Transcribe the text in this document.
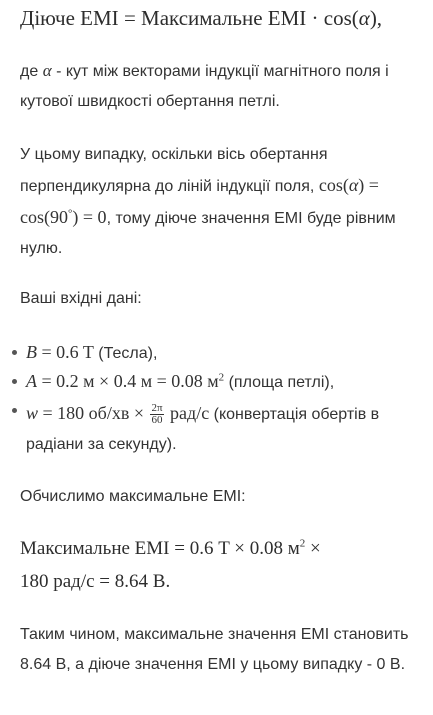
Діюче ЕМІ = Максимальне ЕМІ · cos(α),
де α - кут між векторами індукції магнітного поля і кутової швидкості обертання петлі.
У цьому випадку, оскільки вісь обертання перпендикулярна до ліній індукції поля, cos(α) = cos(90°) = 0, тому діюче значення ЕМІ буде рівним нулю.
Ваші вхідні дані:
B = 0.6 T (Тесла),
A = 0.2 м × 0.4 м = 0.08 $м^2$ (площа петлі),
w = 180 $об/хв \times \frac{2\pi}{60} рад/с$ (конвертація обертів в радіани за секунду).
Обчислимо максимальне ЕМІ:
Максимальне ЕМІ = 0.6 T × 0.08 $м^2$ ×
180 рад/с = 8.64 В.
Таким чином, максимальне значення ЕМІ становить 8.64 В, а діюче значення ЕМІ у цьому випадку - 0 В.
